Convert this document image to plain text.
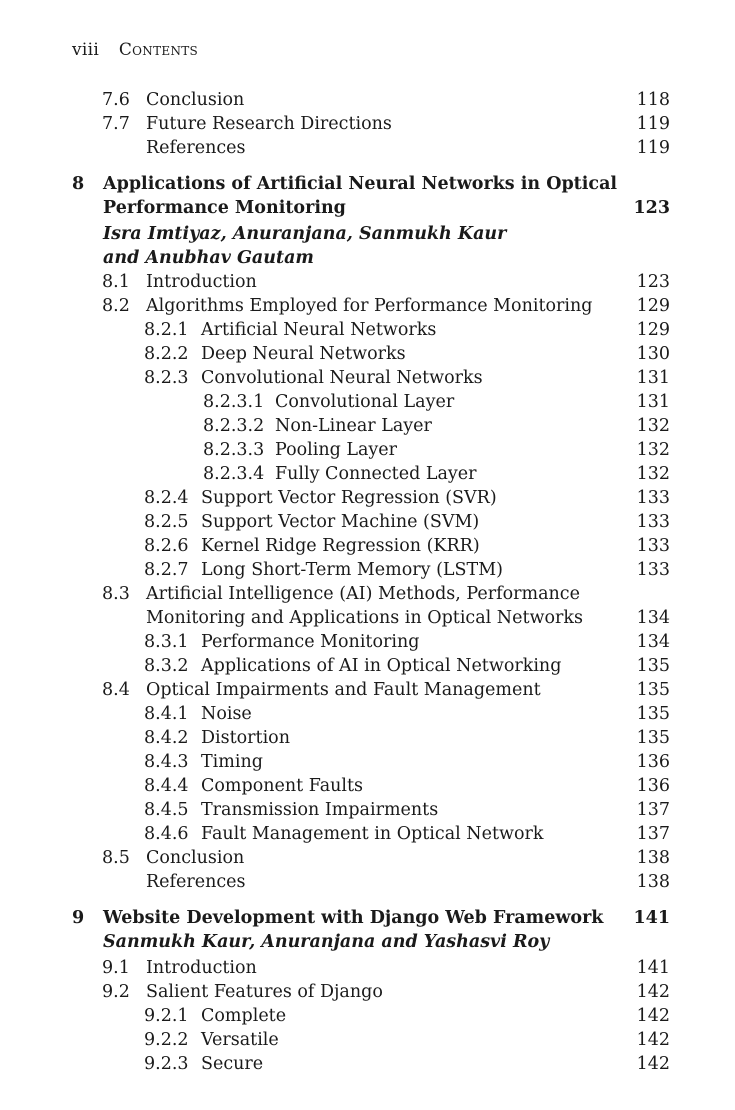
viii Contents
7.6 Conclusion	118
7.7 Future Research Directions	119
References	119
8 Applications of Artificial Neural Networks in Optical
Performance Monitoring	123
Isra Imtiyaz, Anuranjana, Sanmukh Kaur
and Anubhav Gautam
8.1 Introduction	123
8.2 Algorithms Employed for Performance Monitoring	129
8.2.1 Artificial Neural Networks	129
8.2.2 Deep Neural Networks	130
8.2.3 Convolutional Neural Networks	131
8.2.3.1 Convolutional Layer	131
8.2.3.2 Non-Linear Layer	132
8.2.3.3 Pooling Layer	132
8.2.3.4 Fully Connected Layer	132
8.2.4 Support Vector Regression (SVR)	133
8.2.5 Support Vector Machine (SVM)	133
8.2.6 Kernel Ridge Regression (KRR)	133
8.2.7 Long Short-Term Memory (LSTM)	133
8.3 Artificial Intelligence (AI) Methods, Performance
Monitoring and Applications in Optical Networks	134
8.3.1 Performance Monitoring	134
8.3.2 Applications of AI in Optical Networking	135
8.4 Optical Impairments and Fault Management	135
8.4.1 Noise	135
8.4.2 Distortion	135
8.4.3 Timing	136
8.4.4 Component Faults	136
8.4.5 Transmission Impairments	137
8.4.6 Fault Management in Optical Network	137
8.5 Conclusion	138
References	138
9 Website Development with Django Web Framework 141
Sanmukh Kaur, Anuranjana and Yashasvi Roy
9.1 Introduction	141
9.2 Salient Features of Django	142
9.2.1 Complete	142
9.2.2 Versatile	142
9.2.3 Secure	142
